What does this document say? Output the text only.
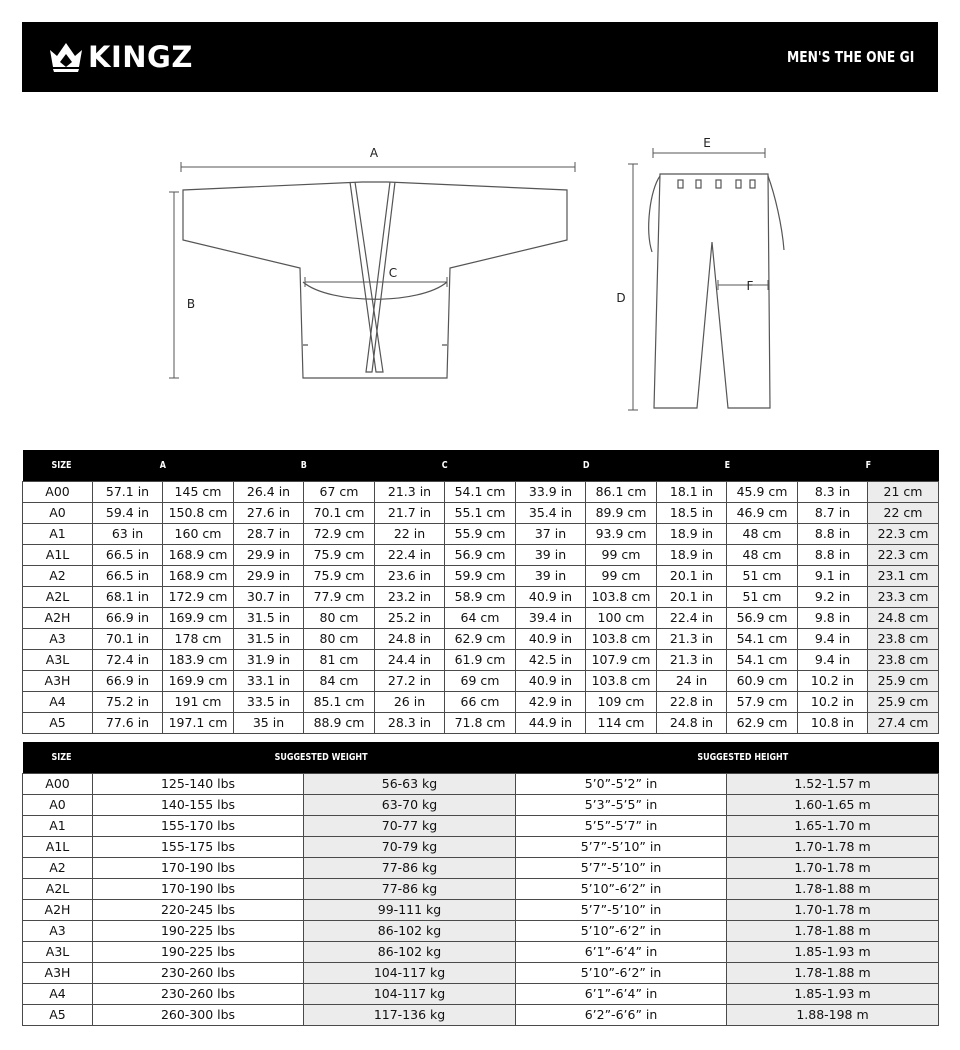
KINGZ	MEN'S THE ONE GI
A
B
C
D
E
F
SIZE	A		B		C		D		E		F	
A00	57.1 in	145 cm	26.4 in	67 cm	21.3 in	54.1 cm	33.9 in	86.1 cm	18.1 in	45.9 cm	8.3 in	21 cm
A0	59.4 in	150.8 cm	27.6 in	70.1 cm	21.7 in	55.1 cm	35.4 in	89.9 cm	18.5 in	46.9 cm	8.7 in	22 cm
A1	63 in	160 cm	28.7 in	72.9 cm	22 in	55.9 cm	37 in	93.9 cm	18.9 in	48 cm	8.8 in	22.3 cm
A1L	66.5 in	168.9 cm	29.9 in	75.9 cm	22.4 in	56.9 cm	39 in	99 cm	18.9 in	48 cm	8.8 in	22.3 cm
A2	66.5 in	168.9 cm	29.9 in	75.9 cm	23.6 in	59.9 cm	39 in	99 cm	20.1 in	51 cm	9.1 in	23.1 cm
A2L	68.1 in	172.9 cm	30.7 in	77.9 cm	23.2 in	58.9 cm	40.9 in	103.8 cm	20.1 in	51 cm	9.2 in	23.3 cm
A2H	66.9 in	169.9 cm	31.5 in	80 cm	25.2 in	64 cm	39.4 in	100 cm	22.4 in	56.9 cm	9.8 in	24.8 cm
A3	70.1 in	178 cm	31.5 in	80 cm	24.8 in	62.9 cm	40.9 in	103.8 cm	21.3 in	54.1 cm	9.4 in	23.8 cm
A3L	72.4 in	183.9 cm	31.9 in	81 cm	24.4 in	61.9 cm	42.5 in	107.9 cm	21.3 in	54.1 cm	9.4 in	23.8 cm
A3H	66.9 in	169.9 cm	33.1 in	84 cm	27.2 in	69 cm	40.9 in	103.8 cm	24 in	60.9 cm	10.2 in	25.9 cm
A4	75.2 in	191 cm	33.5 in	85.1 cm	26 in	66 cm	42.9 in	109 cm	22.8 in	57.9 cm	10.2 in	25.9 cm
A5	77.6 in	197.1 cm	35 in	88.9 cm	28.3 in	71.8 cm	44.9 in	114 cm	24.8 in	62.9 cm	10.8 in	27.4 cm
SIZE	SUGGESTED WEIGHT		SUGGESTED HEIGHT	
A00	125-140 lbs	56-63 kg	5’0”-5’2” in	1.52-1.57 m
A0	140-155 lbs	63-70 kg	5’3”-5’5” in	1.60-1.65 m
A1	155-170 lbs	70-77 kg	5’5”-5’7” in	1.65-1.70 m
A1L	155-175 lbs	70-79 kg	5’7”-5’10” in	1.70-1.78 m
A2	170-190 lbs	77-86 kg	5’7”-5’10” in	1.70-1.78 m
A2L	170-190 lbs	77-86 kg	5’10”-6’2” in	1.78-1.88 m
A2H	220-245 lbs	99-111 kg	5’7”-5’10” in	1.70-1.78 m
A3	190-225 lbs	86-102 kg	5’10”-6’2” in	1.78-1.88 m
A3L	190-225 lbs	86-102 kg	6’1”-6’4” in	1.85-1.93 m
A3H	230-260 lbs	104-117 kg	5’10”-6’2” in	1.78-1.88 m
A4	230-260 lbs	104-117 kg	6’1”-6’4” in	1.85-1.93 m
A5	260-300 lbs	117-136 kg	6’2”-6’6” in	1.88-198 m
